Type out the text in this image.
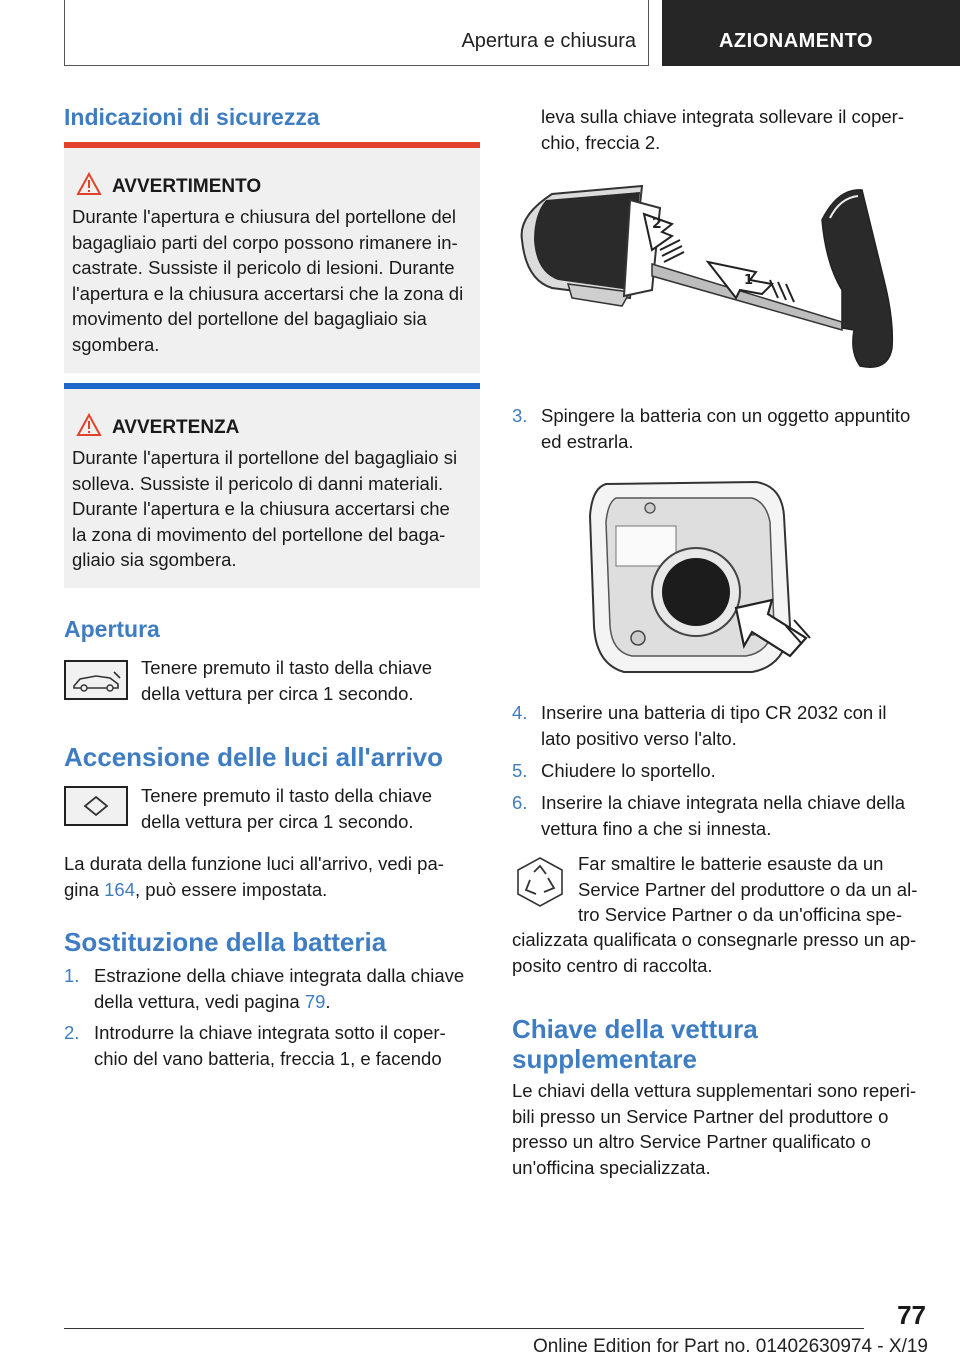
Apertura e chiusura	AZIONAMENTO
Indicazioni di sicurezza
AVVERTIMENTO
Durante l'apertura e chiusura del portellone del
bagagliaio parti del corpo possono rimanere in-
castrate. Sussiste il pericolo di lesioni. Durante
l'apertura e la chiusura accertarsi che la zona di
movimento del portellone del bagagliaio sia
sgombera.
AVVERTENZA
Durante l'apertura il portellone del bagagliaio si
solleva. Sussiste il pericolo di danni materiali.
Durante l'apertura e la chiusura accertarsi che
la zona di movimento del portellone del baga-
gliaio sia sgombera.
Apertura
Tenere premuto il tasto della chiave
della vettura per circa 1 secondo.
Accensione delle luci all'arrivo
Tenere premuto il tasto della chiave
della vettura per circa 1 secondo.
La durata della funzione luci all'arrivo, vedi pa-
gina 164, può essere impostata.
Sostituzione della batteria
1. Estrazione della chiave integrata dalla chiave
della vettura, vedi pagina 79.
2. Introdurre la chiave integrata sotto il coper-
chio del vano batteria, freccia 1, e facendo
leva sulla chiave integrata sollevare il coper-
chio, freccia 2.
2
1
3. Spingere la batteria con un oggetto appuntito
ed estrarla.
4. Inserire una batteria di tipo CR 2032 con il
lato positivo verso l'alto.
5. Chiudere lo sportello.
6. Inserire la chiave integrata nella chiave della
vettura fino a che si innesta.
Far smaltire le batterie esauste da un
Service Partner del produttore o da un al-
tro Service Partner o da un'officina spe-
cializzata qualificata o consegnarle presso un ap-
posito centro di raccolta.
Chiave della vettura
supplementare
Le chiavi della vettura supplementari sono reperi-
bili presso un Service Partner del produttore o
presso un altro Service Partner qualificato o
un'officina specializzata.
77
Online Edition for Part no. 01402630974 - X/19
